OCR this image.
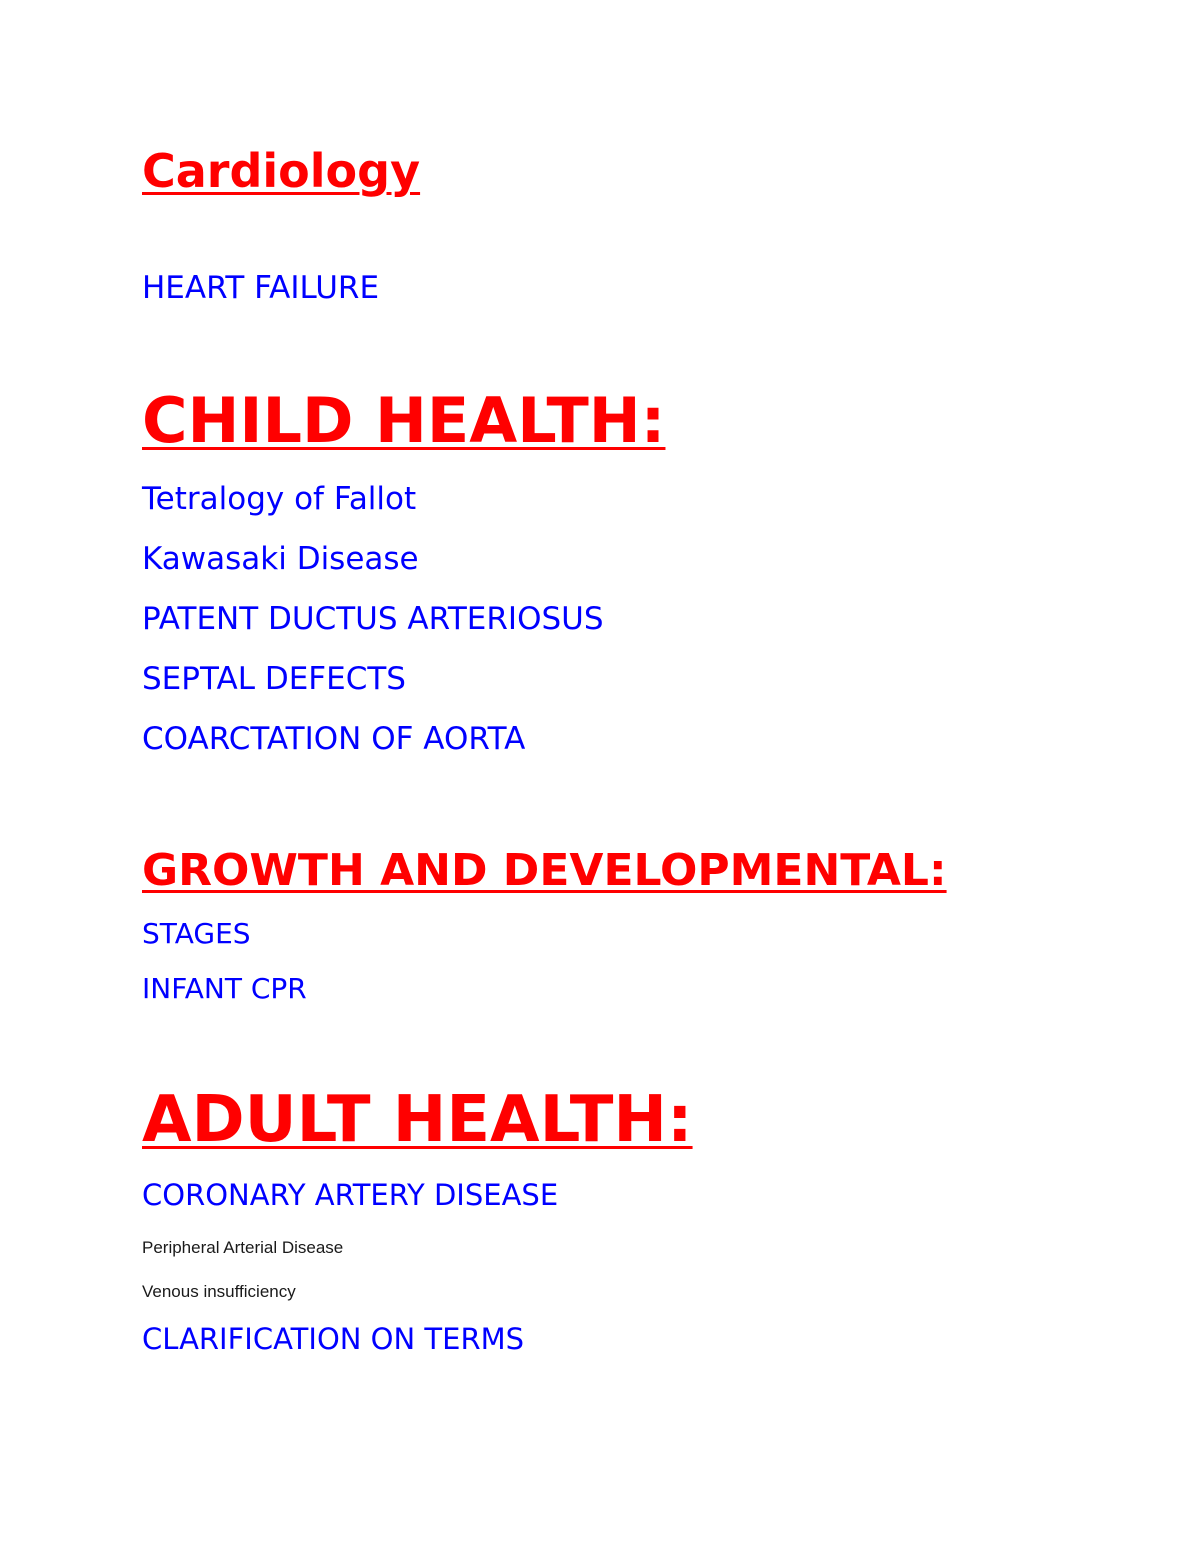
Cardiology
HEART FAILURE
CHILD HEALTH:
Tetralogy of Fallot
Kawasaki Disease
PATENT DUCTUS ARTERIOSUS
SEPTAL DEFECTS
COARCTATION OF AORTA
GROWTH AND DEVELOPMENTAL:
STAGES
INFANT CPR
ADULT HEALTH:
CORONARY ARTERY DISEASE
Peripheral Arterial Disease
Venous insufficiency
CLARIFICATION ON TERMS
